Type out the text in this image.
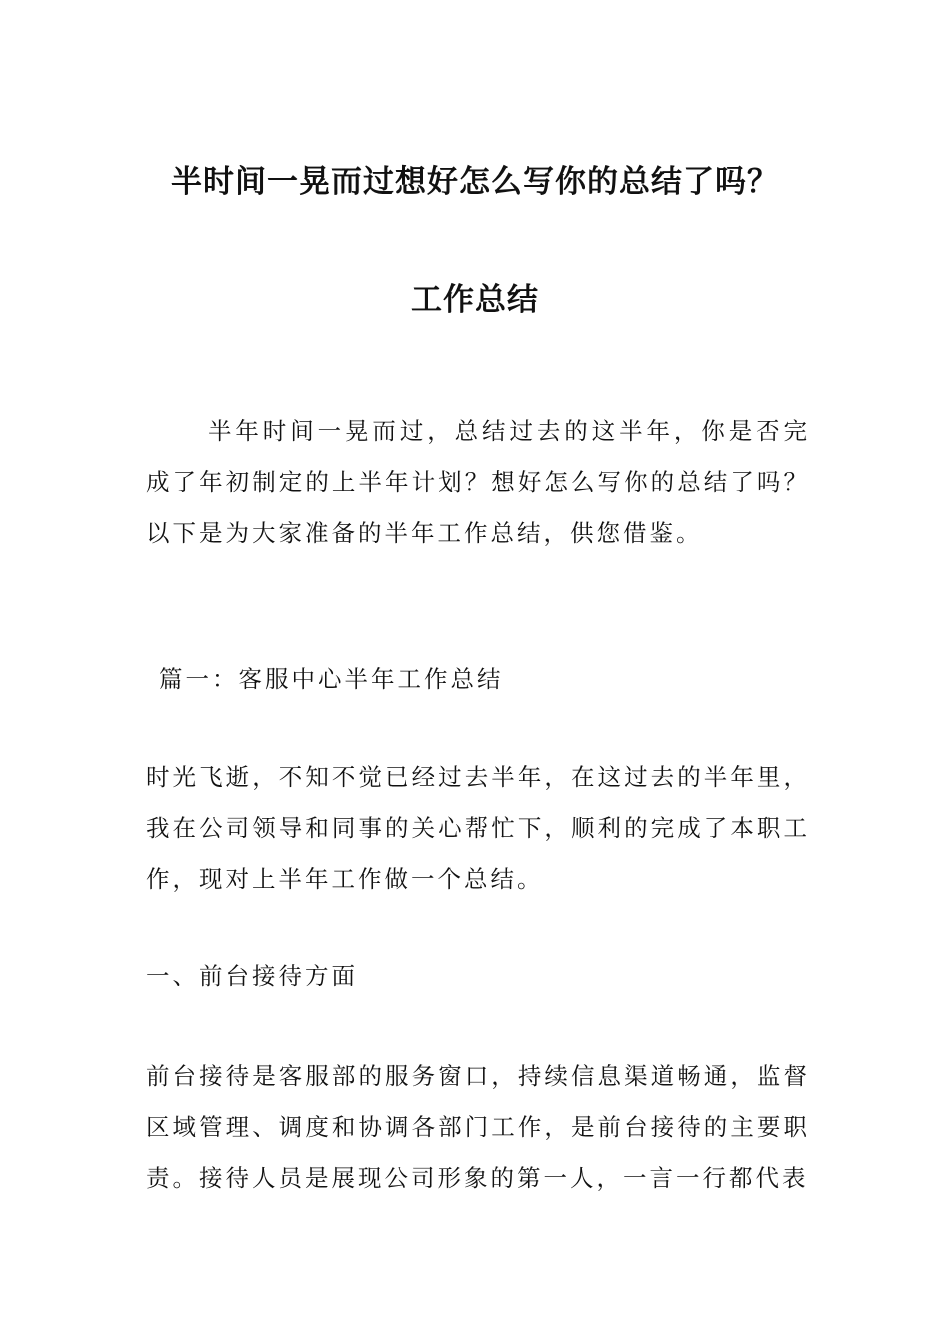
半时间一晃而过想好怎么写你的总结了吗？
工作总结

半年时间一晃而过，总结过去的这半年，你是否完成了年初制定的上半年计划？想好怎么写你的总结了吗？以下是为大家准备的半年工作总结，供您借鉴。

篇一：客服中心半年工作总结

时光飞逝，不知不觉已经过去半年，在这过去的半年里，我在公司领导和同事的关心帮忙下，顺利的完成了本职工作，现对上半年工作做一个总结。

一、前台接待方面

前台接待是客服部的服务窗口，持续信息渠道畅通，监督区域管理、调度和协调各部门工作，是前台接待的主要职责。接待人员是展现公司形象的第一人，一言一行都代表
